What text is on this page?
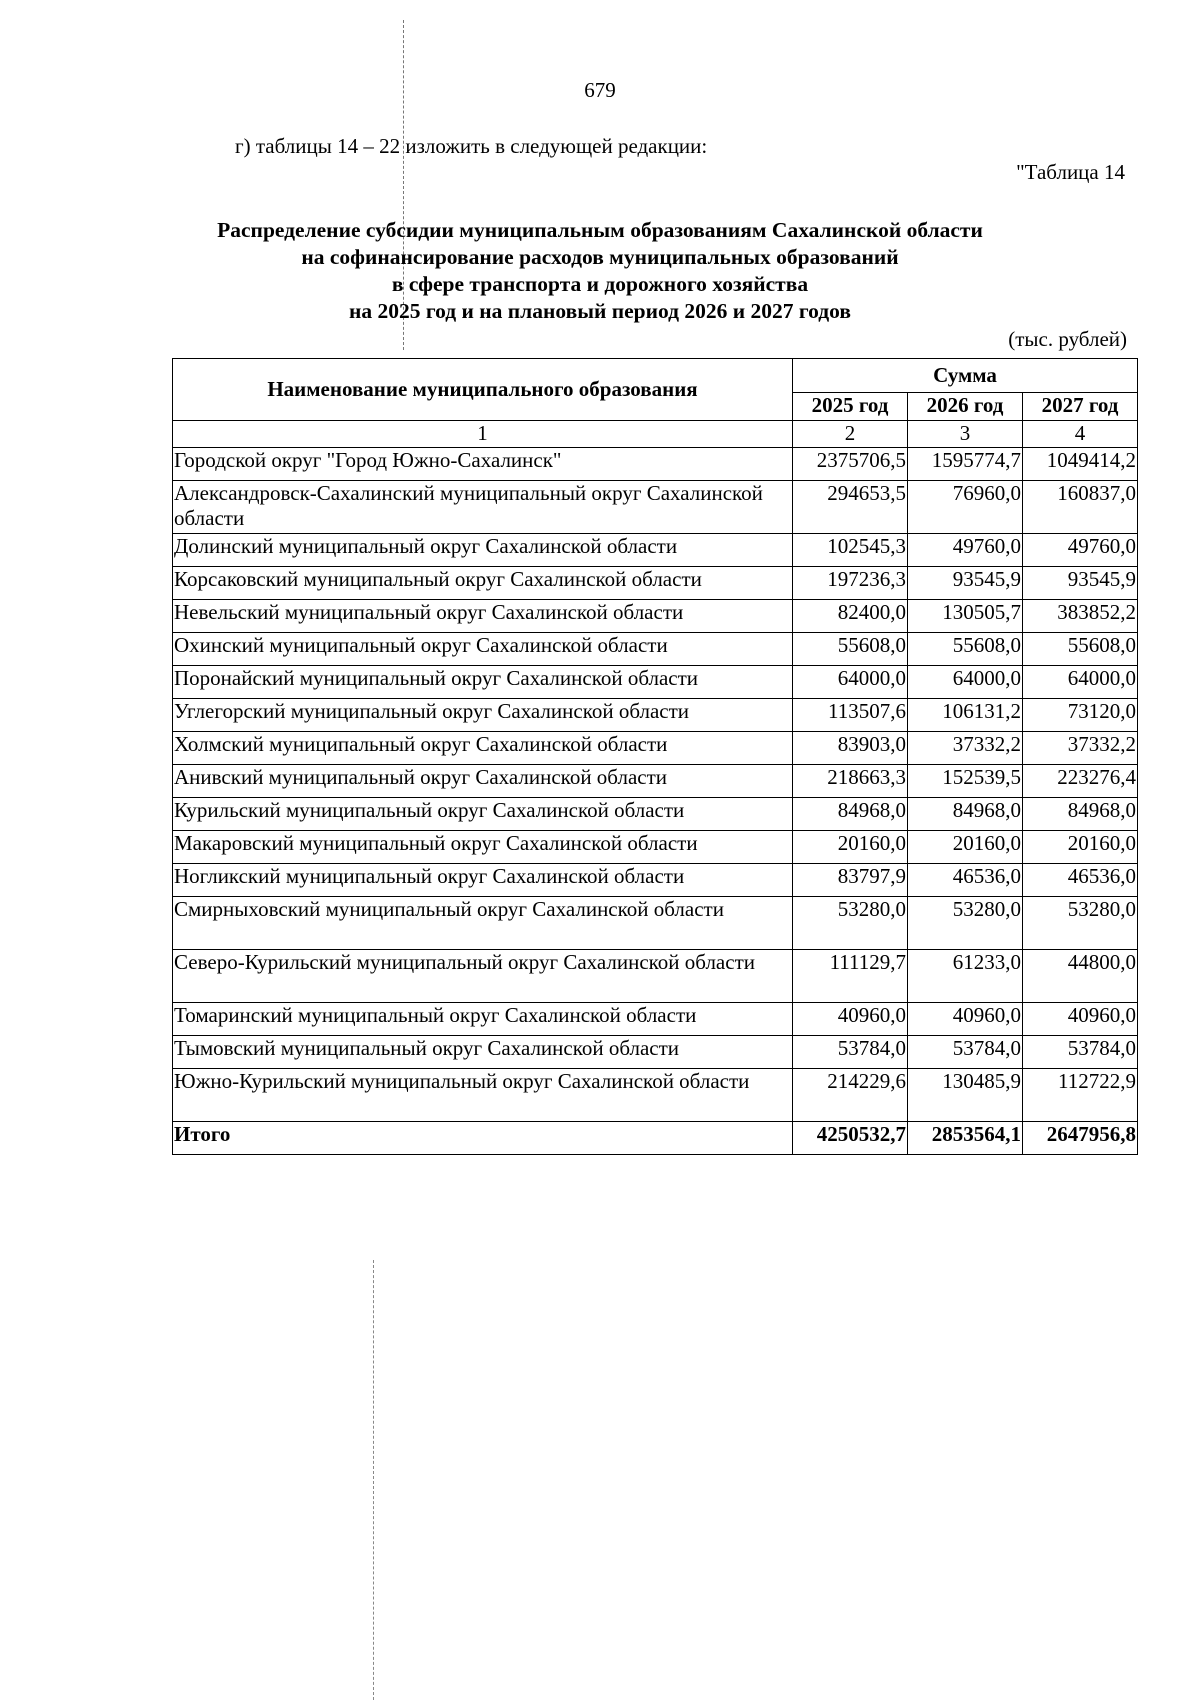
679
г) таблицы 14 – 22 изложить в следующей редакции:
"Таблица 14
Распределение субсидии муниципальным образованиям Сахалинской области
на софинансирование расходов муниципальных образований
в сфере транспорта и дорожного хозяйства
на 2025 год и на плановый период 2026 и 2027 годов
(тыс. рублей)
Наименование муниципального образования	Сумма		
	2025 год	2026 год	2027 год
1	2	3	4
Городской округ "Город Южно-Сахалинск"	2375706,5	1595774,7	1049414,2
Александровск-Сахалинский муниципальный округ Сахалинской области	294653,5	76960,0	160837,0
Долинский муниципальный округ Сахалинской области	102545,3	49760,0	49760,0
Корсаковский муниципальный округ Сахалинской области	197236,3	93545,9	93545,9
Невельский муниципальный округ Сахалинской области	82400,0	130505,7	383852,2
Охинский муниципальный округ Сахалинской области	55608,0	55608,0	55608,0
Поронайский муниципальный округ Сахалинской области	64000,0	64000,0	64000,0
Углегорский муниципальный округ Сахалинской области	113507,6	106131,2	73120,0
Холмский муниципальный округ Сахалинской области	83903,0	37332,2	37332,2
Анивский муниципальный округ Сахалинской области	218663,3	152539,5	223276,4
Курильский муниципальный округ Сахалинской области	84968,0	84968,0	84968,0
Макаровский муниципальный округ Сахалинской области	20160,0	20160,0	20160,0
Ногликский муниципальный округ Сахалинской области	83797,9	46536,0	46536,0
Смирныховский муниципальный округ Сахалинской области	53280,0	53280,0	53280,0
Северо-Курильский муниципальный округ Сахалинской области	111129,7	61233,0	44800,0
Томаринский муниципальный округ Сахалинской области	40960,0	40960,0	40960,0
Тымовский муниципальный округ Сахалинской области	53784,0	53784,0	53784,0
Южно-Курильский муниципальный округ Сахалинской области	214229,6	130485,9	112722,9
Итого	4250532,7	2853564,1	2647956,8
